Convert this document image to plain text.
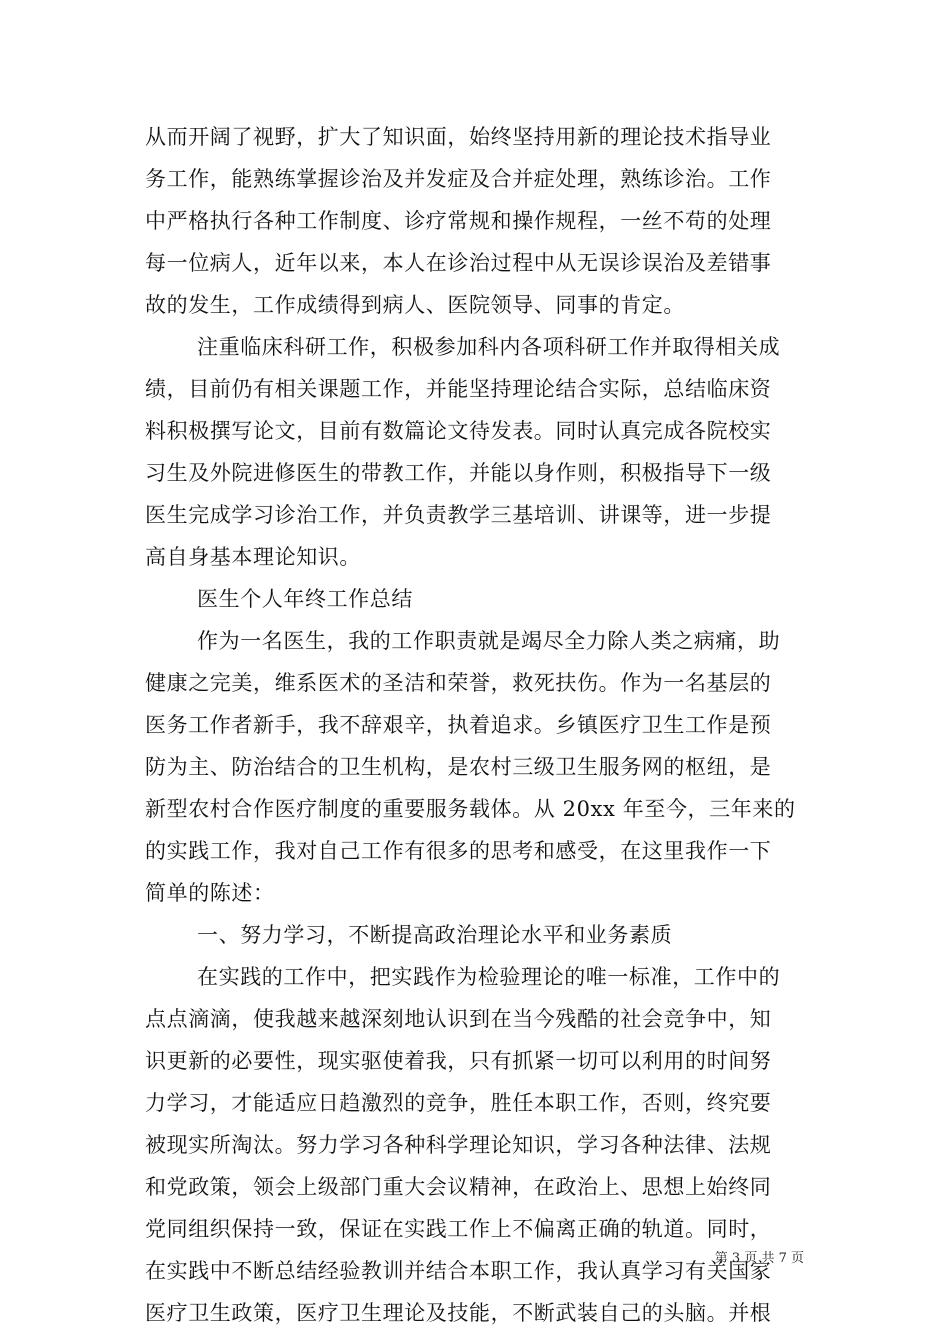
从而开阔了视野，扩大了知识面，始终坚持用新的理论技术指导业
务工作，能熟练掌握诊治及并发症及合并症处理，熟练诊治。工作
中严格执行各种工作制度、诊疗常规和操作规程，一丝不苟的处理
每一位病人，近年以来，本人在诊治过程中从无误诊误治及差错事
故的发生，工作成绩得到病人、医院领导、同事的肯定。
注重临床科研工作，积极参加科内各项科研工作并取得相关成
绩，目前仍有相关课题工作，并能坚持理论结合实际，总结临床资
料积极撰写论文，目前有数篇论文待发表。同时认真完成各院校实
习生及外院进修医生的带教工作，并能以身作则，积极指导下一级
医生完成学习诊治工作，并负责教学三基培训、讲课等，进一步提
高自身基本理论知识。
医生个人年终工作总结
作为一名医生，我的工作职责就是竭尽全力除人类之病痛，助
健康之完美，维系医术的圣洁和荣誉，救死扶伤。作为一名基层的
医务工作者新手，我不辞艰辛，执着追求。乡镇医疗卫生工作是预
防为主、防治结合的卫生机构，是农村三级卫生服务网的枢纽，是
新型农村合作医疗制度的重要服务载体。从 20xx 年至今，三年来的
的实践工作，我对自己工作有很多的思考和感受，在这里我作一下
简单的陈述：
一、努力学习，不断提高政治理论水平和业务素质
在实践的工作中，把实践作为检验理论的唯一标准，工作中的
点点滴滴，使我越来越深刻地认识到在当今残酷的社会竞争中，知
识更新的必要性，现实驱使着我，只有抓紧一切可以利用的时间努
力学习，才能适应日趋激烈的竞争，胜任本职工作，否则，终究要
被现实所淘汰。努力学习各种科学理论知识，学习各种法律、法规
和党政策，领会上级部门重大会议精神，在政治上、思想上始终同
党同组织保持一致，保证在实践工作上不偏离正确的轨道。同时，
在实践中不断总结经验教训并结合本职工作，我认真学习有关国家
医疗卫生政策，医疗卫生理论及技能，不断武装自己的头脑。并根
第 3 页 共 7 页
